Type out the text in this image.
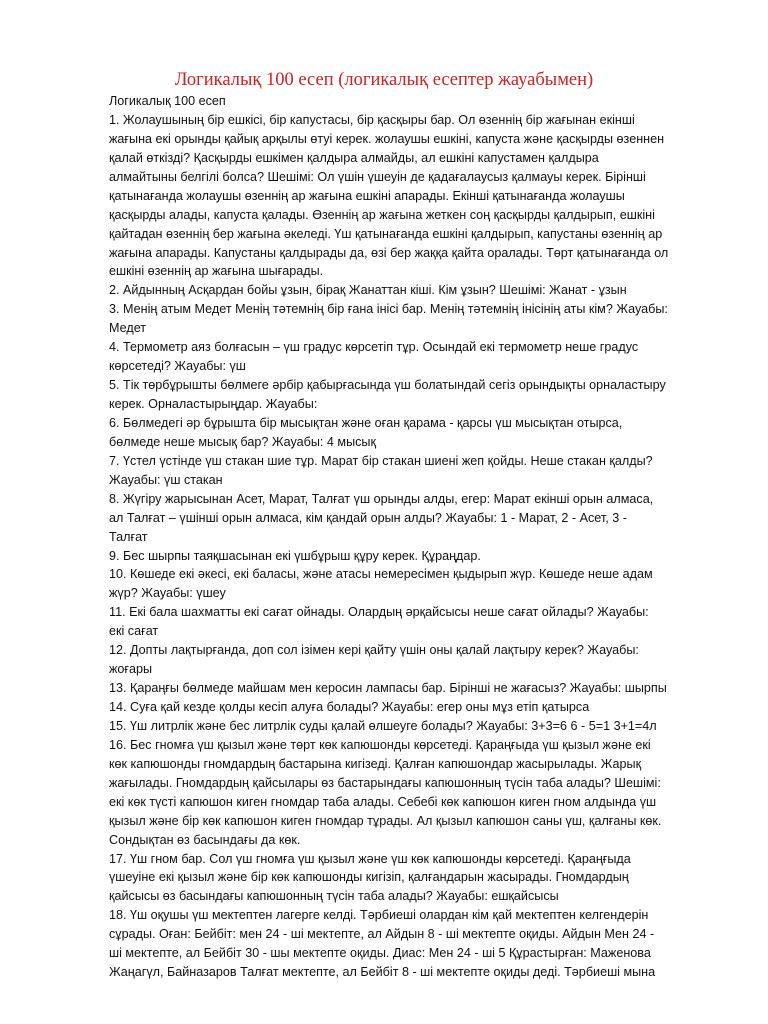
Логикалық 100 есеп (логикалық есептер жауабымен)
Логикалық 100 есеп
1. Жолаушының бір ешкісі, бір капустасы, бір қасқыры бар. Ол өзеннің бір жағынан екінші
жағына екі орынды қайық арқылы өтуі керек. жолаушы ешкіні, капуста және қасқырды өзеннен
қалай өткізді? Қасқырды ешкімен қалдыра алмайды, ал ешкіні капустамен қалдыра
алмайтыны белгілі болса? Шешімі: Ол үшін үшеуін де қадағалаусыз қалмауы керек. Бірінші
қатынағанда жолаушы өзеннің ар жағына ешкіні апарады. Екінші қатынағанда жолаушы
қасқырды алады, капуста қалады. Өзеннің ар жағына жеткен соң қасқырды қалдырып, ешкіні
қайтадан өзеннің бер жағына әкеледі. Үш қатынағанда ешкіні қалдырып, капустаны өзеннің ар
жағына апарады. Капустаны қалдырады да, өзі бер жаққа қайта оралады. Төрт қатынағанда ол
ешкіні өзеннің ар жағына шығарады.
2. Айдынның Асқардан бойы ұзын, бірақ Жанаттан кіші. Кім ұзын? Шешімі: Жанат - ұзын
3. Менің атым Медет Менің тәтемнің бір ғана інісі бар. Менің тәтемнің інісінің аты кім? Жауабы:
Медет
4. Термометр аяз болғасын – үш градус көрсетіп тұр. Осындай екі термометр неше градус
көрсетеді? Жауабы: үш
5. Тік төрбұрышты бөлмеге әрбір қабырғасында үш болатындай сегіз орындықты орналастыру
керек. Орналастырыңдар. Жауабы:
6. Бөлмедегі әр бұрышта бір мысықтан және оған қарама - қарсы үш мысықтан отырса,
бөлмеде неше мысық бар? Жауабы: 4 мысық
7. Үстел үстінде үш стакан шие тұр. Марат бір стакан шиені жеп қойды. Неше стакан қалды?
Жауабы: үш стакан
8. Жүгіру жарысынан Асет, Марат, Талғат үш орынды алды, егер: Марат екінші орын алмаса,
ал Талғат – үшінші орын алмаса, кім қандай орын алды? Жауабы: 1 - Марат, 2 - Асет, 3 -
Талғат
9. Бес шырпы таяқшасынан екі үшбұрыш құру керек. Құраңдар.
10. Көшеде екі әкесі, екі баласы, және атасы немересімен қыдырып жүр. Көшеде неше адам
жүр? Жауабы: үшеу
11. Екі бала шахматты екі сағат ойнады. Олардың әрқайсысы неше сағат ойлады? Жауабы:
екі сағат
12. Допты лақтырғанда, доп сол ізімен кері қайту үшін оны қалай лақтыру керек? Жауабы:
жоғары
13. Қараңғы бөлмеде майшам мен керосин лампасы бар. Бірінші не жағасыз? Жауабы: шырпы
14. Суға қай кезде қолды кесіп алуға болады? Жауабы: егер оны мұз етіп қатырса
15. Үш литрлік және бес литрлік суды қалай өлшеуге болады? Жауабы: 3+3=6 6 - 5=1 3+1=4л
16. Бес гномға үш қызыл және төрт көк капюшонды көрсетеді. Қараңғыда үш қызыл және екі
көк капюшонды гномдардың бастарына кигізеді. Қалған капюшондар жасырылады. Жарық
жағылады. Гномдардың қайсылары өз бастарындағы капюшонның түсін таба алады? Шешімі:
екі көк түсті капюшон киген гномдар таба алады. Себебі көк капюшон киген гном алдында үш
қызыл және бір көк капюшон киген гномдар тұрады. Ал қызыл капюшон саны үш, қалғаны көк.
Сондықтан өз басындағы да көк.
17. Үш гном бар. Сол үш гномға үш қызыл және үш көк капюшонды көрсетеді. Қараңғыда
үшеуіне екі қызыл және бір көк капюшонды кигізіп, қалғандарын жасырады. Гномдардың
қайсысы өз басындағы капюшонның түсін таба алады? Жауабы: ешқайсысы
18. Үш оқушы үш мектептен лагерге келді. Тәрбиеші олардан кім қай мектептен келгендерін
сұрады. Оған: Бейбіт: мен 24 - ші мектепте, ал Айдын 8 - ші мектепте оқиды. Айдын Мен 24 -
ші мектепте, ал Бейбіт 30 - шы мектепте оқиды. Диас: Мен 24 - ші 5 Құрастырған: Маженова
Жаңагүл, Байназаров Талғат мектепте, ал Бейбіт 8 - ші мектепте оқиды деді. Тәрбиеші мына
